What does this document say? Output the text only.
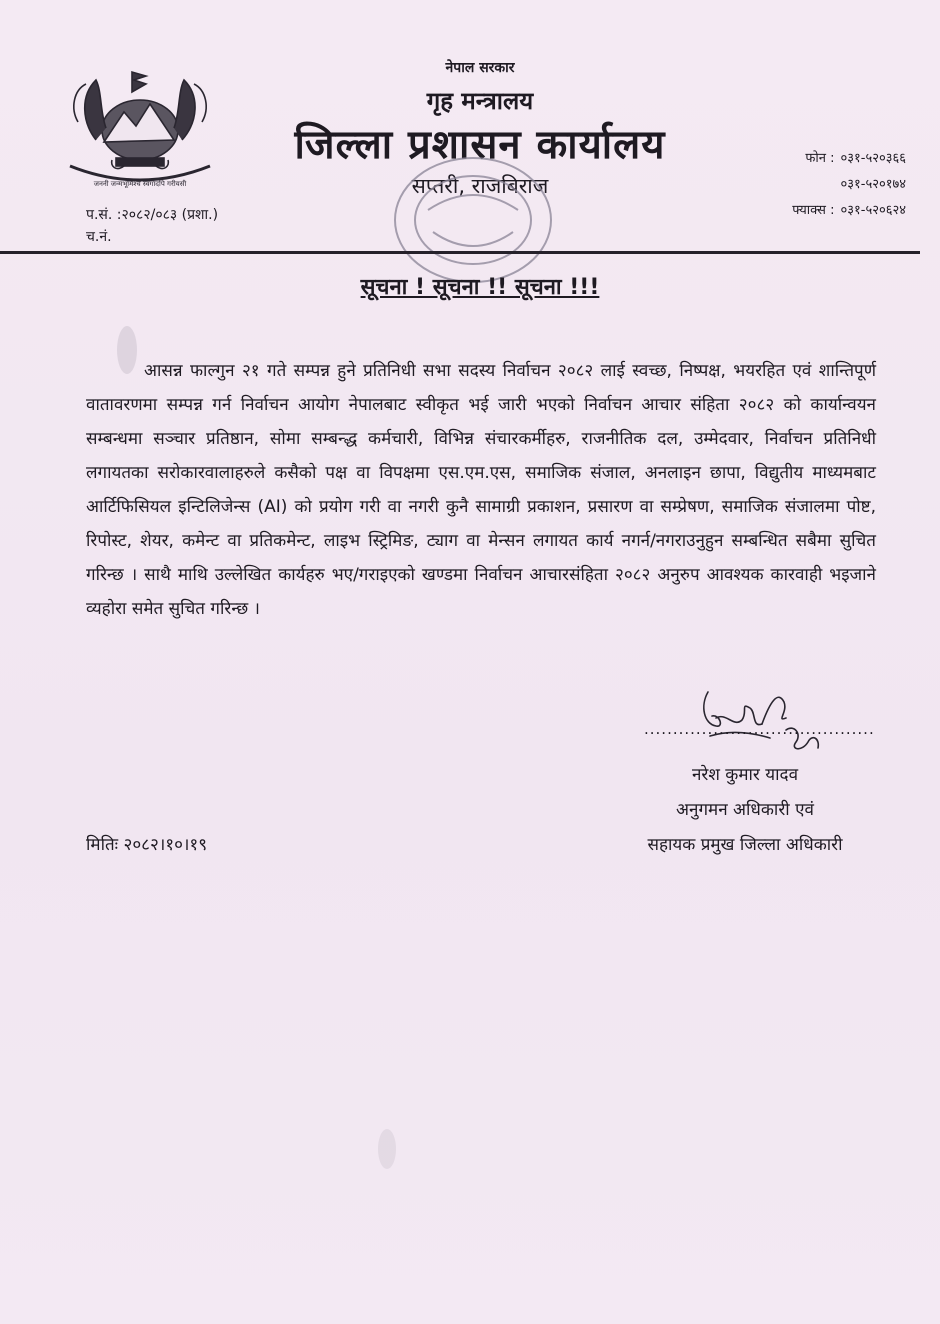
जननी जन्मभूमिश्च स्वर्गादपि गरीयसी
नेपाल सरकार
गृह मन्त्रालय
जिल्ला प्रशासन कार्यालय
सप्तरी, राजबिराज
फोन : ०३१-५२०३६६
०३१-५२०१७४
फ्याक्स : ०३१-५२०६२४
प.सं. :२०८२/०८३ (प्रशा.)
च.नं.
सूचना ! सूचना !! सूचना !!!

आसन्न फाल्गुन २१ गते सम्पन्न हुने प्रतिनिधी सभा सदस्य निर्वाचन २०८२ लाई स्वच्छ, निष्पक्ष, भयरहित एवं शान्तिपूर्ण वातावरणमा सम्पन्न गर्न निर्वाचन आयोग नेपालबाट स्वीकृत भई जारी भएको निर्वाचन आचार संहिता २०८२ को कार्यान्वयन सम्बन्धमा सञ्चार प्रतिष्ठान, सोमा सम्बन्द्ध कर्मचारी, विभिन्न संचारकर्मीहरु, राजनीतिक दल, उम्मेदवार, निर्वाचन प्रतिनिधी लगायतका सरोकारवालाहरुले कसैको पक्ष वा विपक्षमा एस.एम.एस, समाजिक संजाल, अनलाइन छापा, विद्युतीय माध्यमबाट आर्टिफिसियल इन्टिलिजेन्स (AI) को प्रयोग गरी वा नगरी कुनै सामाग्री प्रकाशन, प्रसारण वा सम्प्रेषण, समाजिक संजालमा पोष्ट, रिपोस्ट, शेयर, कमेन्ट वा प्रतिकमेन्ट, लाइभ स्ट्रिमिङ, ट्याग वा मेन्सन लगायत कार्य नगर्न/नगराउनुहुन सम्बन्धित सबैमा सुचित गरिन्छ । साथै माथि उल्लेखित कार्यहरु भए/गराइएको खण्डमा निर्वाचन आचारसंहिता २०८२ अनुरुप आवश्यक कारवाही भइजाने व्यहोरा समेत सुचित गरिन्छ ।

........................................
नरेश कुमार यादव
अनुगमन अधिकारी एवं
सहायक प्रमुख जिल्ला अधिकारी
मितिः २०८२।१०।१९
